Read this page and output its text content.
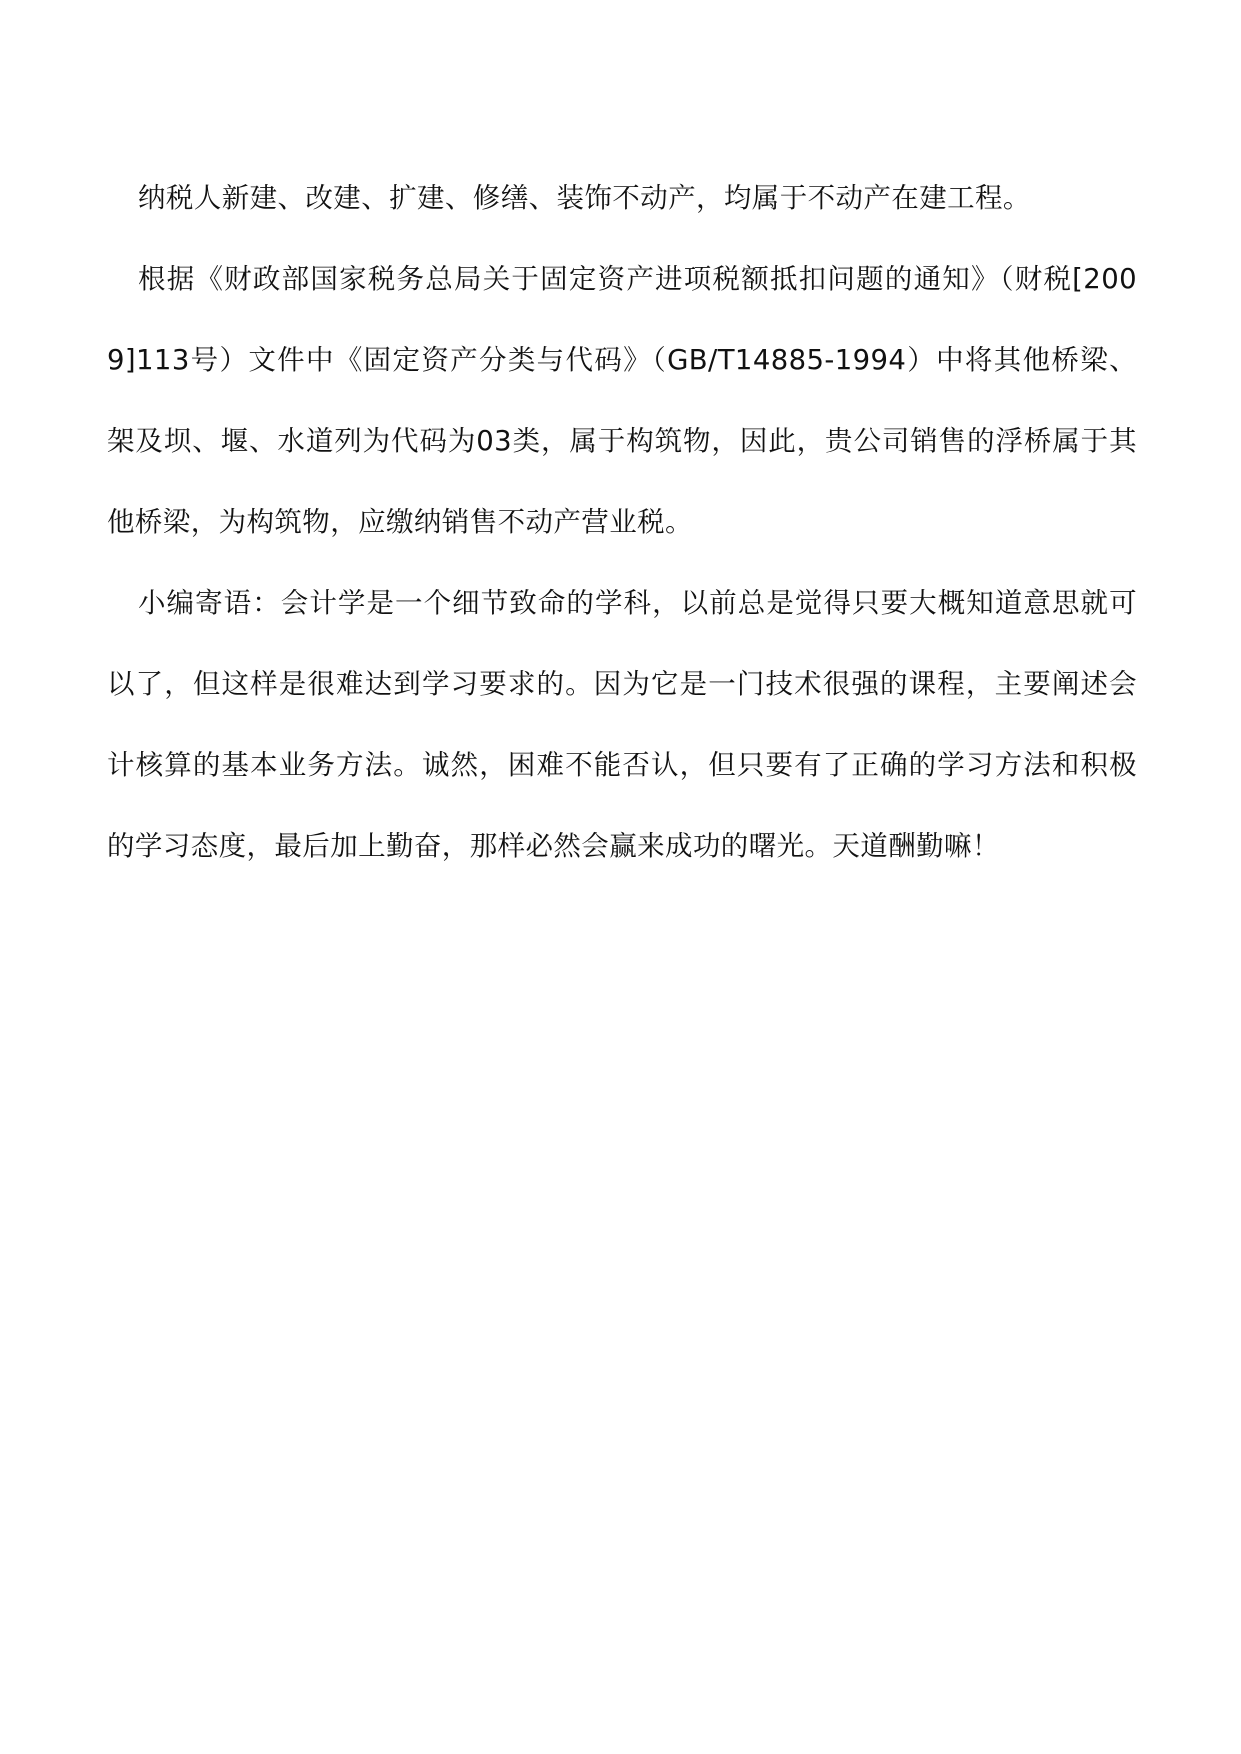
纳税人新建、改建、扩建、修缮、装饰不动产，均属于不动产在建工程。

根据《财政部国家税务总局关于固定资产进项税额抵扣问题的通知》（财税[2009]113号）文件中《固定资产分类与代码》（GB/T14885-1994）中将其他桥梁、架及坝、堰、水道列为代码为03类，属于构筑物，因此，贵公司销售的浮桥属于其他桥梁，为构筑物，应缴纳销售不动产营业税。

小编寄语：会计学是一个细节致命的学科，以前总是觉得只要大概知道意思就可以了，但这样是很难达到学习要求的。因为它是一门技术很强的课程，主要阐述会计核算的基本业务方法。诚然，困难不能否认，但只要有了正确的学习方法和积极的学习态度，最后加上勤奋，那样必然会赢来成功的曙光。天道酬勤嘛！
